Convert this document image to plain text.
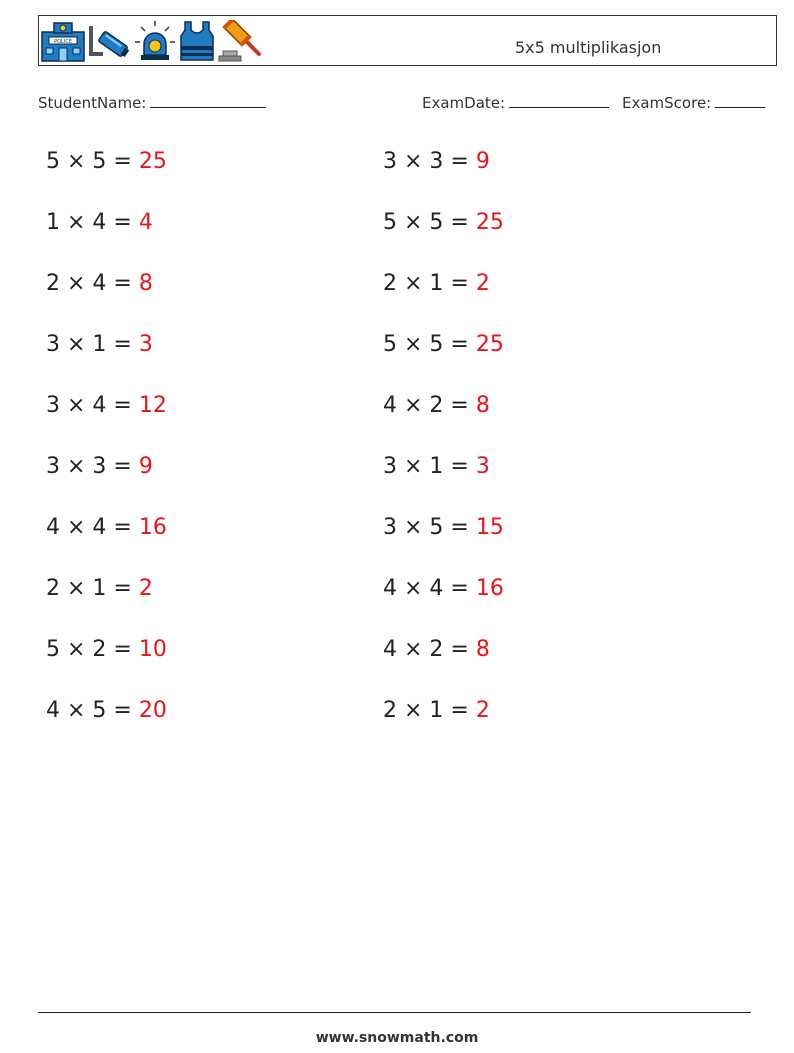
POLICE	5x5 multiplikasjon
StudentName:	ExamDate:	ExamScore:
5 × 5 = 25
1 × 4 = 4
2 × 4 = 8
3 × 1 = 3
3 × 4 = 12
3 × 3 = 9
4 × 4 = 16
2 × 1 = 2
5 × 2 = 10
4 × 5 = 20
3 × 3 = 9
5 × 5 = 25
2 × 1 = 2
5 × 5 = 25
4 × 2 = 8
3 × 1 = 3
3 × 5 = 15
4 × 4 = 16
4 × 2 = 8
2 × 1 = 2
www.snowmath.com
